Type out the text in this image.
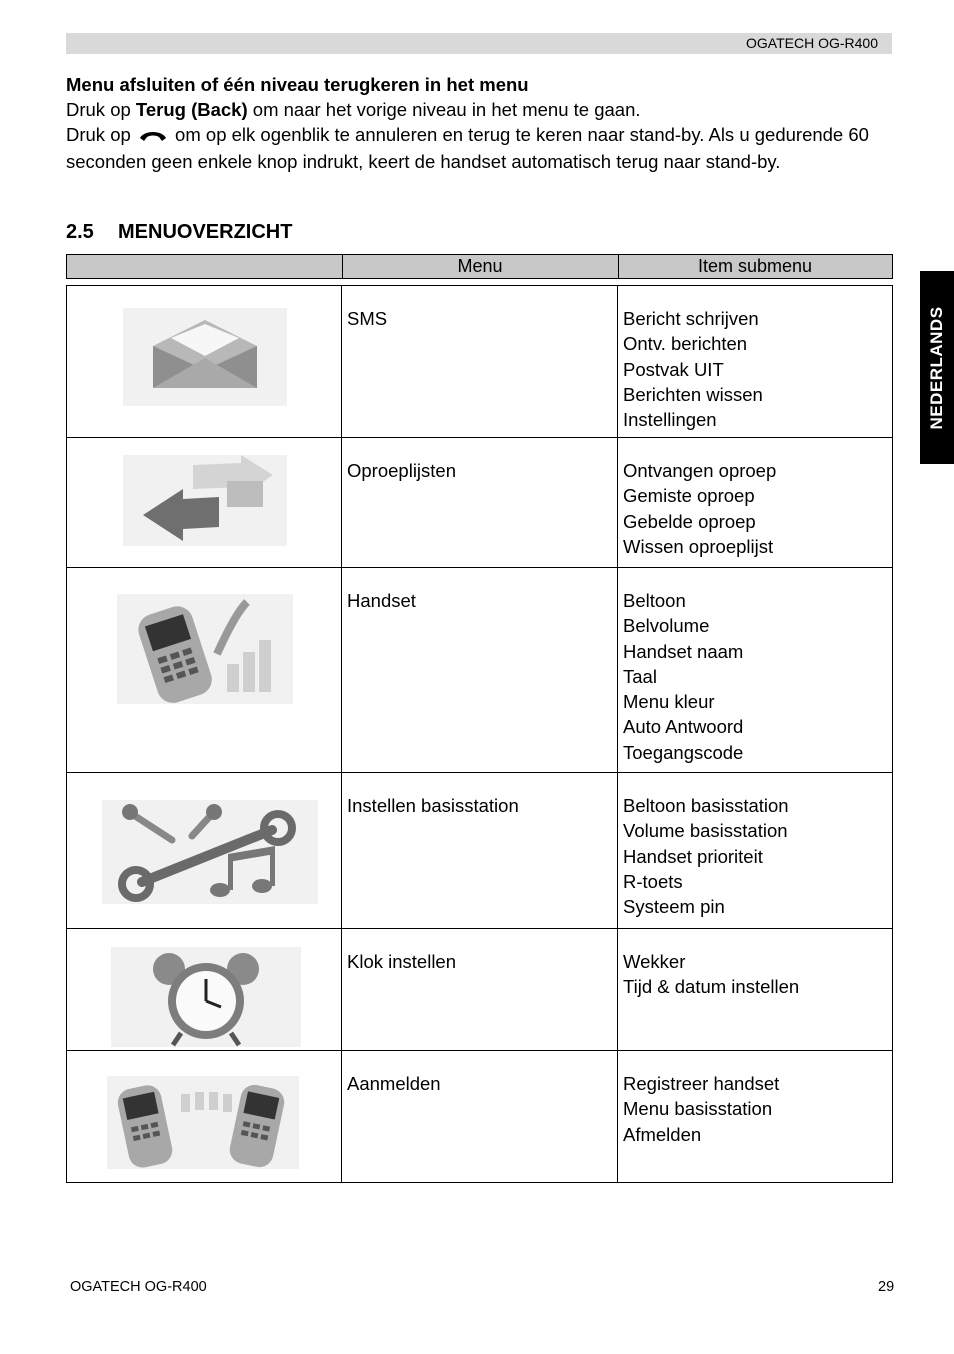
OGATECH OG-R400
NEDERLANDS

Menu afsluiten of één niveau terugkeren in het menu

Druk op Terug (Back) om naar het vorige niveau in het menu te gaan.

Druk op  om op elk ogenblik te annuleren en terug te keren naar stand-by. Als u gedurende 60 seconden geen enkele knop indrukt, keert de handset automatisch terug naar stand-by.

2.5 MENUOVERZICHT
Menu	Item submenu
SMS	Bericht schrijven
Ontv. berichten
Postvak UIT
Berichten wissen
Instellingen
Oproeplijsten	Ontvangen oproep
Gemiste oproep
Gebelde oproep
Wissen oproeplijst
Handset	Beltoon
Belvolume
Handset naam
Taal
Menu kleur
Auto Antwoord
Toegangscode
Instellen basisstation	Beltoon basisstation
Volume basisstation
Handset prioriteit
R-toets
Systeem pin
Klok instellen	Wekker
Tijd & datum instellen
Aanmelden	Registreer handset
Menu basisstation
Afmelden
OGATECH OG-R400	29
